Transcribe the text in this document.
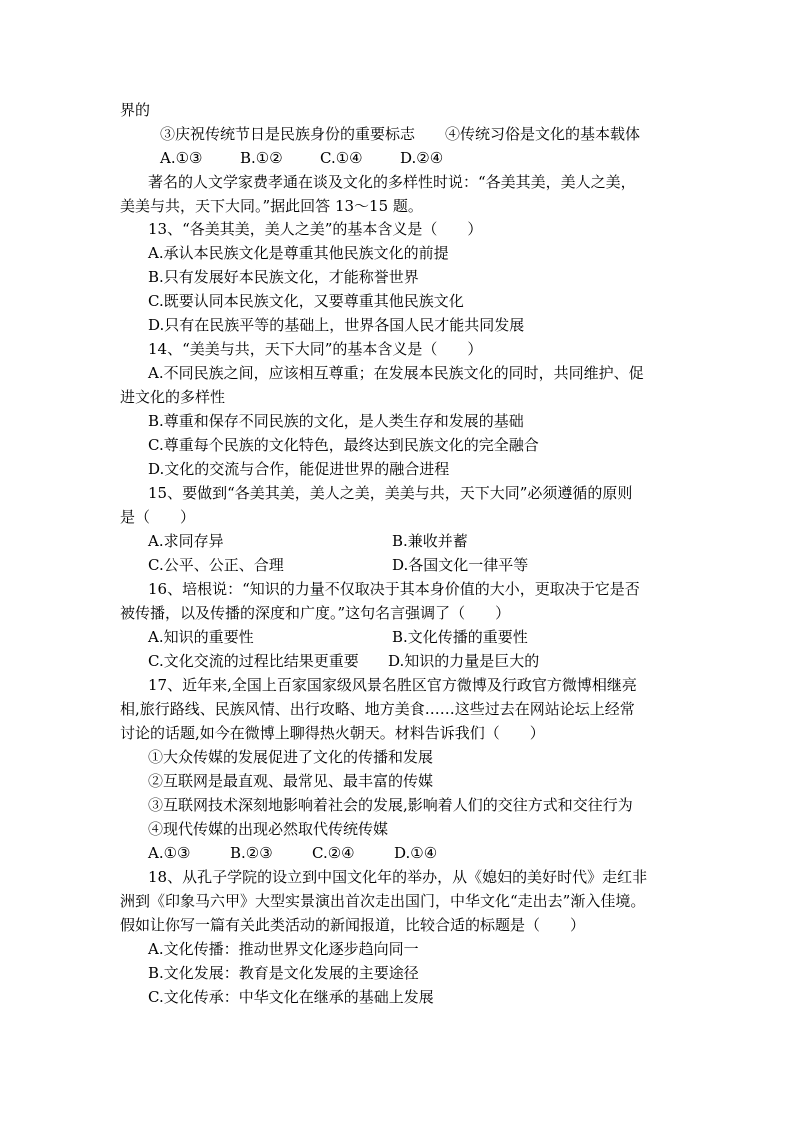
界的
③庆祝传统节日是民族身份的重要标志　　④传统习俗是文化的基本载体
A.①③	B.①② C.①④ D.②④
著名的人文学家费孝通在谈及文化的多样性时说：“各美其美，美人之美，
美美与共，天下大同。”据此回答 13～15 题。
13、“各美其美，美人之美”的基本含义是（　　）
A.承认本民族文化是尊重其他民族文化的前提
B.只有发展好本民族文化，才能称誉世界
C.既要认同本民族文化，又要尊重其他民族文化
D.只有在民族平等的基础上，世界各国人民才能共同发展
14、“美美与共，天下大同”的基本含义是（　　）
A.不同民族之间，应该相互尊重；在发展本民族文化的同时，共同维护、促
进文化的多样性
B.尊重和保存不同民族的文化，是人类生存和发展的基础
C.尊重每个民族的文化特色，最终达到民族文化的完全融合
D.文化的交流与合作，能促进世界的融合进程
15、要做到“各美其美，美人之美，美美与共，天下大同”必须遵循的原则
是（　　）
A.求同存异	B.兼收并蓄
C.公平、公正、合理	D.各国文化一律平等
16、培根说：“知识的力量不仅取决于其本身价值的大小，更取决于它是否
被传播，以及传播的深度和广度。”这句名言强调了（　　）
A.知识的重要性	B.文化传播的重要性
C.文化交流的过程比结果更重要 D.知识的力量是巨大的
17、近年来,全国上百家国家级风景名胜区官方微博及行政官方微博相继亮
相,旅行路线、民族风情、出行攻略、地方美食……这些过去在网站论坛上经常
讨论的话题,如今在微博上聊得热火朝天。材料告诉我们（　　）
①大众传媒的发展促进了文化的传播和发展
②互联网是最直观、最常见、最丰富的传媒
③互联网技术深刻地影响着社会的发展,影响着人们的交往方式和交往行为
④现代传媒的出现必然取代传统传媒
A.①③	B.②③	C.②④	D.①④
18、从孔子学院的设立到中国文化年的举办，从《媳妇的美好时代》走红非
洲到《印象马六甲》大型实景演出首次走出国门，中华文化“走出去”渐入佳境。
假如让你写一篇有关此类活动的新闻报道，比较合适的标题是（　　）
A.文化传播：推动世界文化逐步趋向同一
B.文化发展：教育是文化发展的主要途径
C.文化传承：中华文化在继承的基础上发展
